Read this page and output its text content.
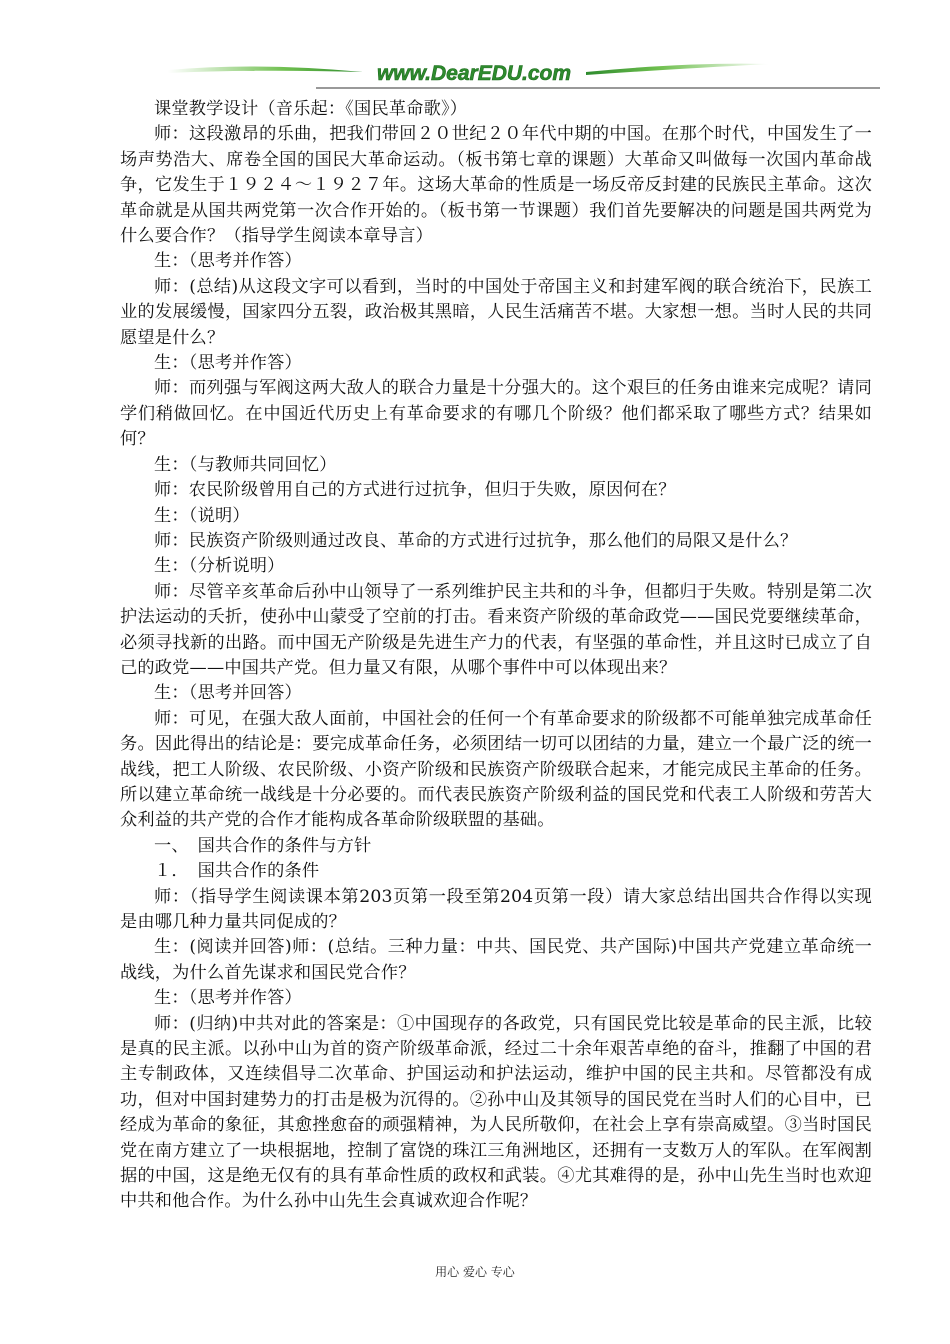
www.DearEDU.com

课堂教学设计（音乐起：《国民革命歌》）

师：这段激昂的乐曲，把我们带回２０世纪２０年代中期的中国。在那个时代，中国发生了一场声势浩大、席卷全国的国民大革命运动。（板书第七章的课题）大革命又叫做每一次国内革命战争，它发生于１９２４～１９２７年。这场大革命的性质是一场反帝反封建的民族民主革命。这次革命就是从国共两党第一次合作开始的。（板书第一节课题）我们首先要解决的问题是国共两党为什么要合作？（指导学生阅读本章导言）

生：（思考并作答）

师：(总结)从这段文字可以看到，当时的中国处于帝国主义和封建军阀的联合统治下，民族工业的发展缓慢，国家四分五裂，政治极其黑暗，人民生活痛苦不堪。大家想一想。当时人民的共同愿望是什么？

生：（思考并作答）

师：而列强与军阀这两大敌人的联合力量是十分强大的。这个艰巨的任务由谁来完成呢？请同学们稍做回忆。在中国近代历史上有革命要求的有哪几个阶级？他们都采取了哪些方式？结果如何？

生：（与教师共同回忆）

师：农民阶级曾用自己的方式进行过抗争，但归于失败，原因何在？

生：（说明）

师：民族资产阶级则通过改良、革命的方式进行过抗争，那么他们的局限又是什么？

生：（分析说明）

师：尽管辛亥革命后孙中山领导了一系列维护民主共和的斗争，但都归于失败。特别是第二次护法运动的夭折，使孙中山蒙受了空前的打击。看来资产阶级的革命政党——国民党要继续革命，必须寻找新的出路。而中国无产阶级是先进生产力的代表，有坚强的革命性，并且这时已成立了自己的政党——中国共产党。但力量又有限，从哪个事件中可以体现出来？

生：（思考并回答）

师：可见，在强大敌人面前，中国社会的任何一个有革命要求的阶级都不可能单独完成革命任务。因此得出的结论是：要完成革命任务，必须团结一切可以团结的力量，建立一个最广泛的统一战线，把工人阶级、农民阶级、小资产阶级和民族资产阶级联合起来，才能完成民主革命的任务。所以建立革命统一战线是十分必要的。而代表民族资产阶级利益的国民党和代表工人阶级和劳苦大众利益的共产党的合作才能构成各革命阶级联盟的基础。

一、　国共合作的条件与方针

１．　国共合作的条件

师：（指导学生阅读课本第203页第一段至第204页第一段）请大家总结出国共合作得以实现是由哪几种力量共同促成的？

生：(阅读并回答)师：(总结。三种力量：中共、国民党、共产国际)中国共产党建立革命统一战线，为什么首先谋求和国民党合作？

生：（思考并作答）

师：(归纳)中共对此的答案是：①中国现存的各政党，只有国民党比较是革命的民主派，比较是真的民主派。以孙中山为首的资产阶级革命派，经过二十余年艰苦卓绝的奋斗，推翻了中国的君主专制政体，又连续倡导二次革命、护国运动和护法运动，维护中国的民主共和。尽管都没有成功，但对中国封建势力的打击是极为沉得的。②孙中山及其领导的国民党在当时人们的心目中，已经成为革命的象征，其愈挫愈奋的顽强精神，为人民所敬仰，在社会上享有崇高威望。③当时国民党在南方建立了一块根据地，控制了富饶的珠江三角洲地区，还拥有一支数万人的军队。在军阀割据的中国，这是绝无仅有的具有革命性质的政权和武装。④尤其难得的是，孙中山先生当时也欢迎中共和他合作。为什么孙中山先生会真诚欢迎合作呢？

用心 爱心 专心
